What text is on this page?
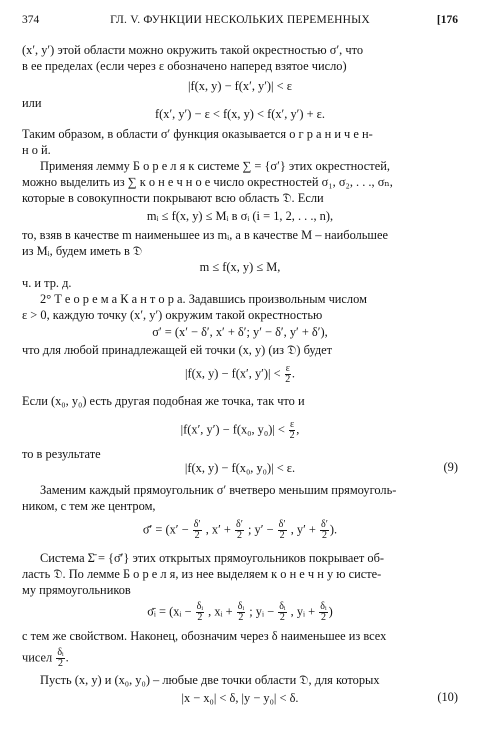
374	ГЛ. V. ФУНКЦИИ НЕСКОЛЬКИХ ПЕРЕМЕННЫХ	[176
(x′, y′) этой области можно окружить такой окрестностью σ′, что
в ее пределах (если через ε обозначено наперед взятое число)
|f(x, y) − f(x′, y′)| < ε
или
f(x′, y′) − ε < f(x, y) < f(x′, y′) + ε.
Таким образом, в области σ′ функция оказывается о г р а н и ч е н-
н о й.
Применяя лемму Б о р е л я к системе ∑ = {σ′} этих окрестностей,
можно выделить из ∑ к о н е ч н о е число окрестностей σ₁, σ₂, . . ., σₙ,
которые в совокупности покрывают всю область 𝔇. Если
mᵢ ≤ f(x, y) ≤ Mᵢ в σᵢ (i = 1, 2, . . ., n),
то, взяв в качестве m наименьшее из mᵢ, а в качестве M – наибольшее
из Mᵢ, будем иметь в 𝔇
m ≤ f(x, y) ≤ M,
ч. и тр. д.
2° Т е о р е м а К а н т о р а. Задавшись произвольным числом
ε > 0, каждую точку (x′, y′) окружим такой окрестностью
σ′ = (x′ − δ′, x′ + δ′; y′ − δ′, y′ + δ′),
что для любой принадлежащей ей точки (x, y) (из 𝔇) будет
|f(x, y) − f(x′, $y')| < \frac{\varepsilon}{2}$ .
Если (x₀, y₀) есть другая подобная же точка, так что и
|f(x′, y′) − f(x₀, $y_0)| < \frac{\varepsilon}{2}$ ,
то в результате
|f(x, y) − f(x₀, y₀)| < ε.	(9)
Заменим каждый прямоугольник σ′ вчетверо меньшим прямоуголь-
ником, с тем же центром,
σ̄′ = ($x' - \frac{\delta'}{2}$ , $x' + \frac{\delta'}{2}$ ; $y' - \frac{\delta'}{2}$ , $y' + \frac{\delta'}{2}$ ).
Система Σ̄ = {σ̄′} этих открытых прямоугольников покрывает об-
ласть 𝔇. По лемме Б о р е л я, из нее выделяем к о н е ч н у ю систе-
му прямоугольников
σ̄ᵢ = (xᵢ − $\frac{\text{δᵢ}}{2}$ , xᵢ + $\frac{\text{δᵢ}}{2}$ ; yᵢ − $\frac{\text{δᵢ}}{2}$ , yᵢ + $\frac{\text{δᵢ}}{2}$ )
с тем же свойством. Наконец, обозначим через δ наименьшее из всех
чисел $\frac{\text{δᵢ}}{2}$ .
Пусть (x, y) и (x₀, y₀) – любые две точки области 𝔇, для которых
|x − x₀| < δ, |y − y₀| < δ.	(10)
